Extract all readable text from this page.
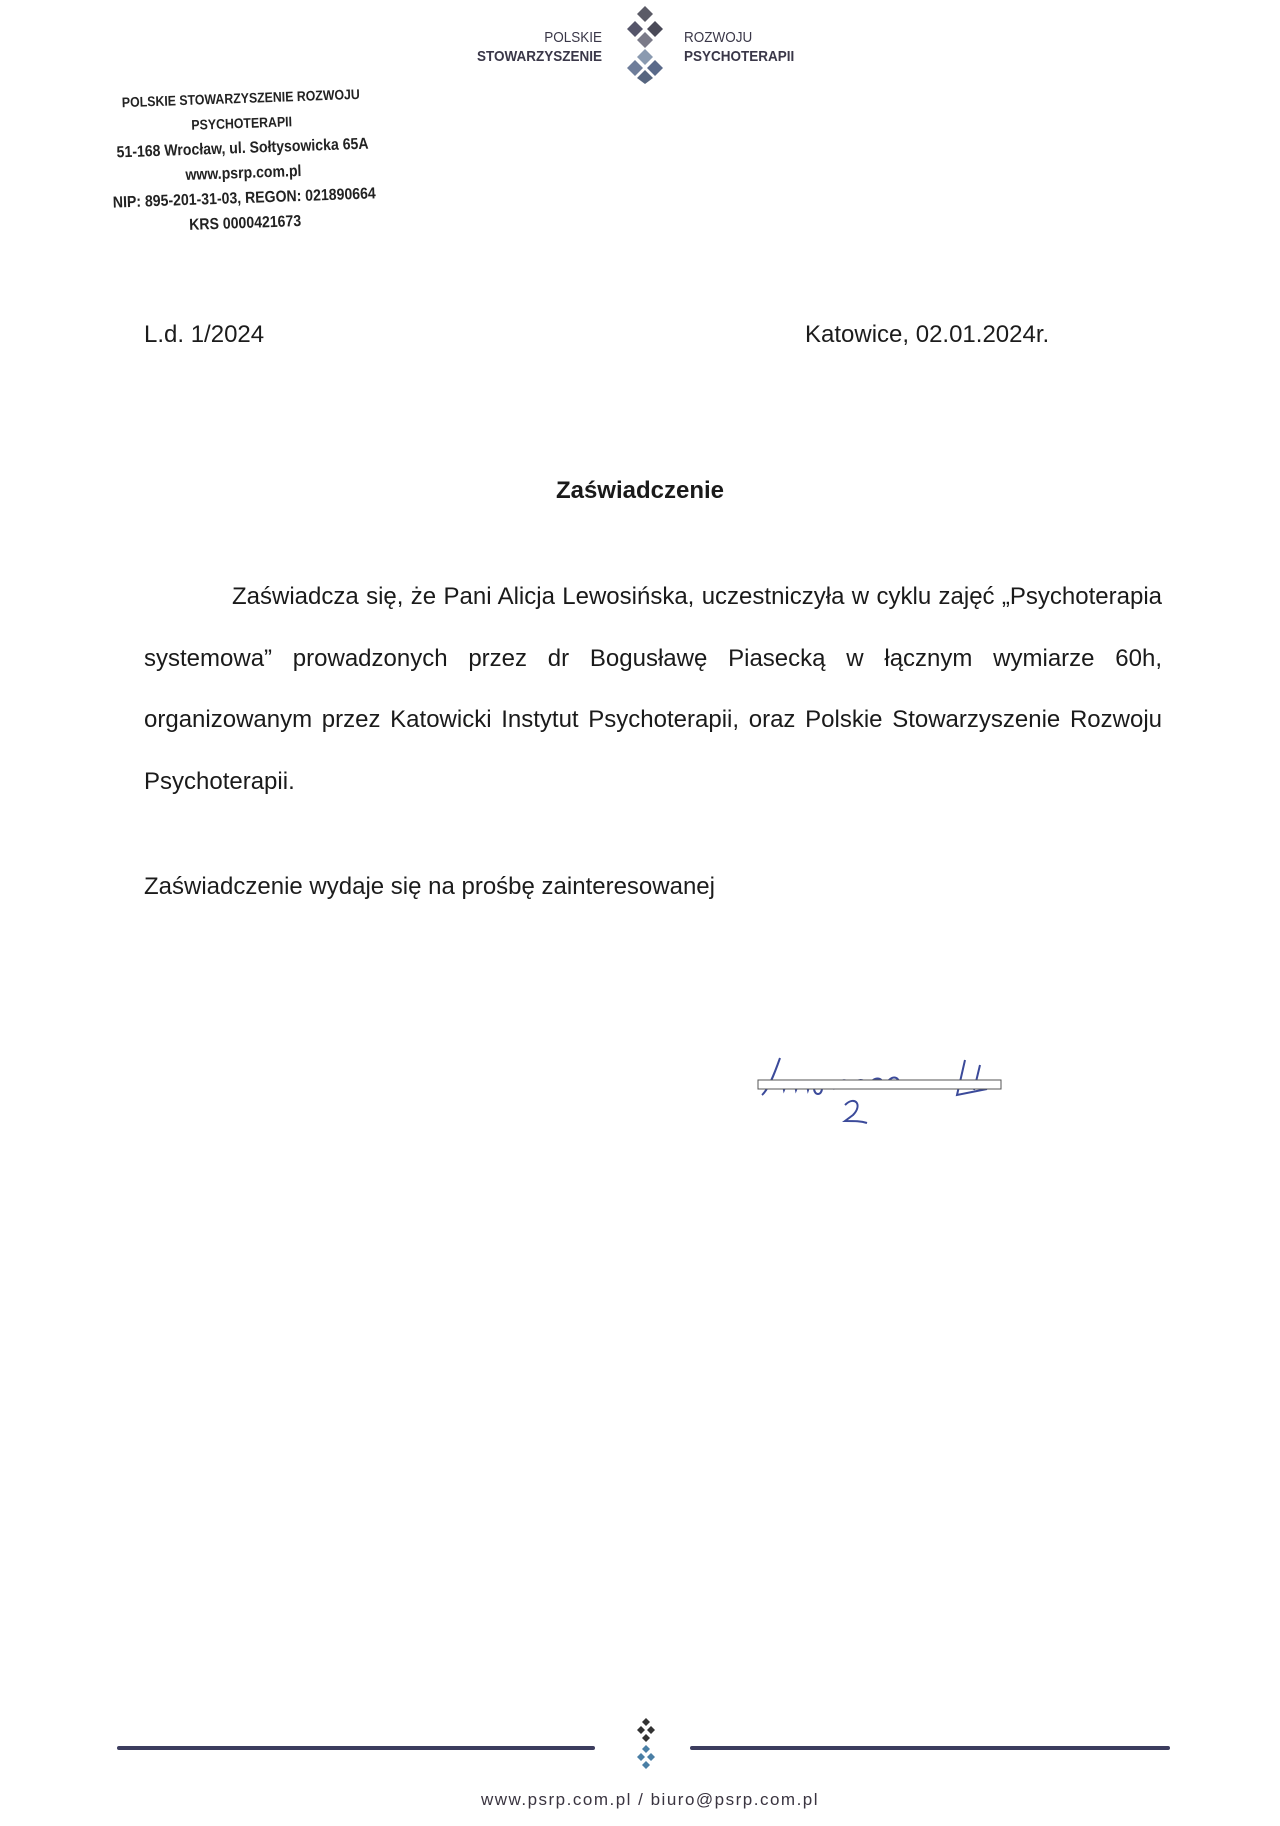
POLSKIE
STOWARZYSZENIE
ROZWOJU
PSYCHOTERAPII
POLSKIE STOWARZYSZENIE ROZWOJU PSYCHOTERAPII
51-168 Wrocław, ul. Sołtysowicka 65A
www.psrp.com.pl
NIP: 895-201-31-03, REGON: 021890664
KRS 0000421673
L.d. 1/2024	Katowice, 02.01.2024r.
Zaświadczenie
Zaświadcza się, że Pani Alicja Lewosińska, uczestniczyła w cyklu zajęć „Psychoterapia systemowa” prowadzonych przez dr Bogusławę Piasecką w łącznym wymiarze 60h, organizowanym przez Katowicki Instytut Psychoterapii, oraz Polskie Stowarzyszenie Rozwoju Psychoterapii.
Zaświadczenie wydaje się na prośbę zainteresowanej
www.psrp.com.pl / biuro@psrp.com.pl
